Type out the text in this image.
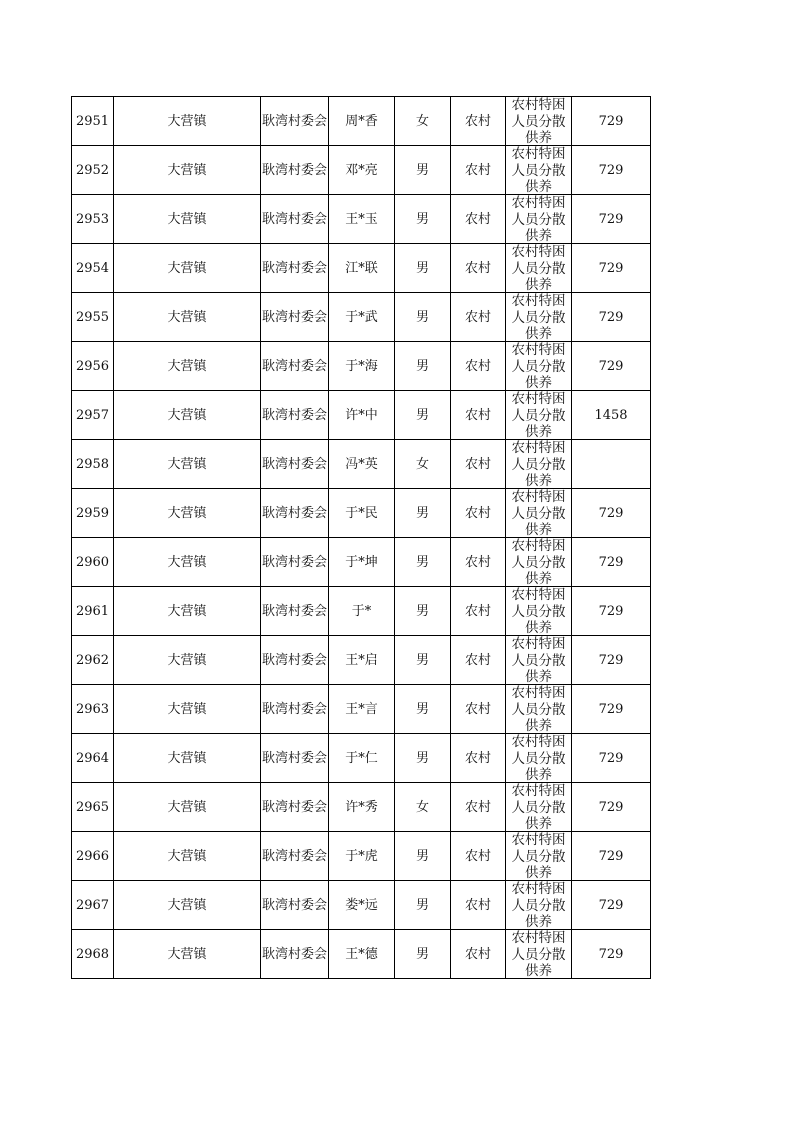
2951	大营镇	耿湾村委会	周*香	女	农村	农村特困人员分散供养	729

2952	大营镇	耿湾村委会	邓*亮	男	农村	农村特困人员分散供养	729

2953	大营镇	耿湾村委会	王*玉	男	农村	农村特困人员分散供养	729

2954	大营镇	耿湾村委会	江*联	男	农村	农村特困人员分散供养	729

2955	大营镇	耿湾村委会	于*武	男	农村	农村特困人员分散供养	729

2956	大营镇	耿湾村委会	于*海	男	农村	农村特困人员分散供养	729

2957	大营镇	耿湾村委会	许*中	男	农村	农村特困人员分散供养	1458

2958	大营镇	耿湾村委会	冯*英	女	农村	农村特困人员分散供养	

2959	大营镇	耿湾村委会	于*民	男	农村	农村特困人员分散供养	729

2960	大营镇	耿湾村委会	于*坤	男	农村	农村特困人员分散供养	729

2961	大营镇	耿湾村委会	于*	男	农村	农村特困人员分散供养	729

2962	大营镇	耿湾村委会	王*启	男	农村	农村特困人员分散供养	729

2963	大营镇	耿湾村委会	王*言	男	农村	农村特困人员分散供养	729

2964	大营镇	耿湾村委会	于*仁	男	农村	农村特困人员分散供养	729

2965	大营镇	耿湾村委会	许*秀	女	农村	农村特困人员分散供养	729

2966	大营镇	耿湾村委会	于*虎	男	农村	农村特困人员分散供养	729

2967	大营镇	耿湾村委会	娄*远	男	农村	农村特困人员分散供养	729

2968	大营镇	耿湾村委会	王*德	男	农村	农村特困人员分散供养	729
